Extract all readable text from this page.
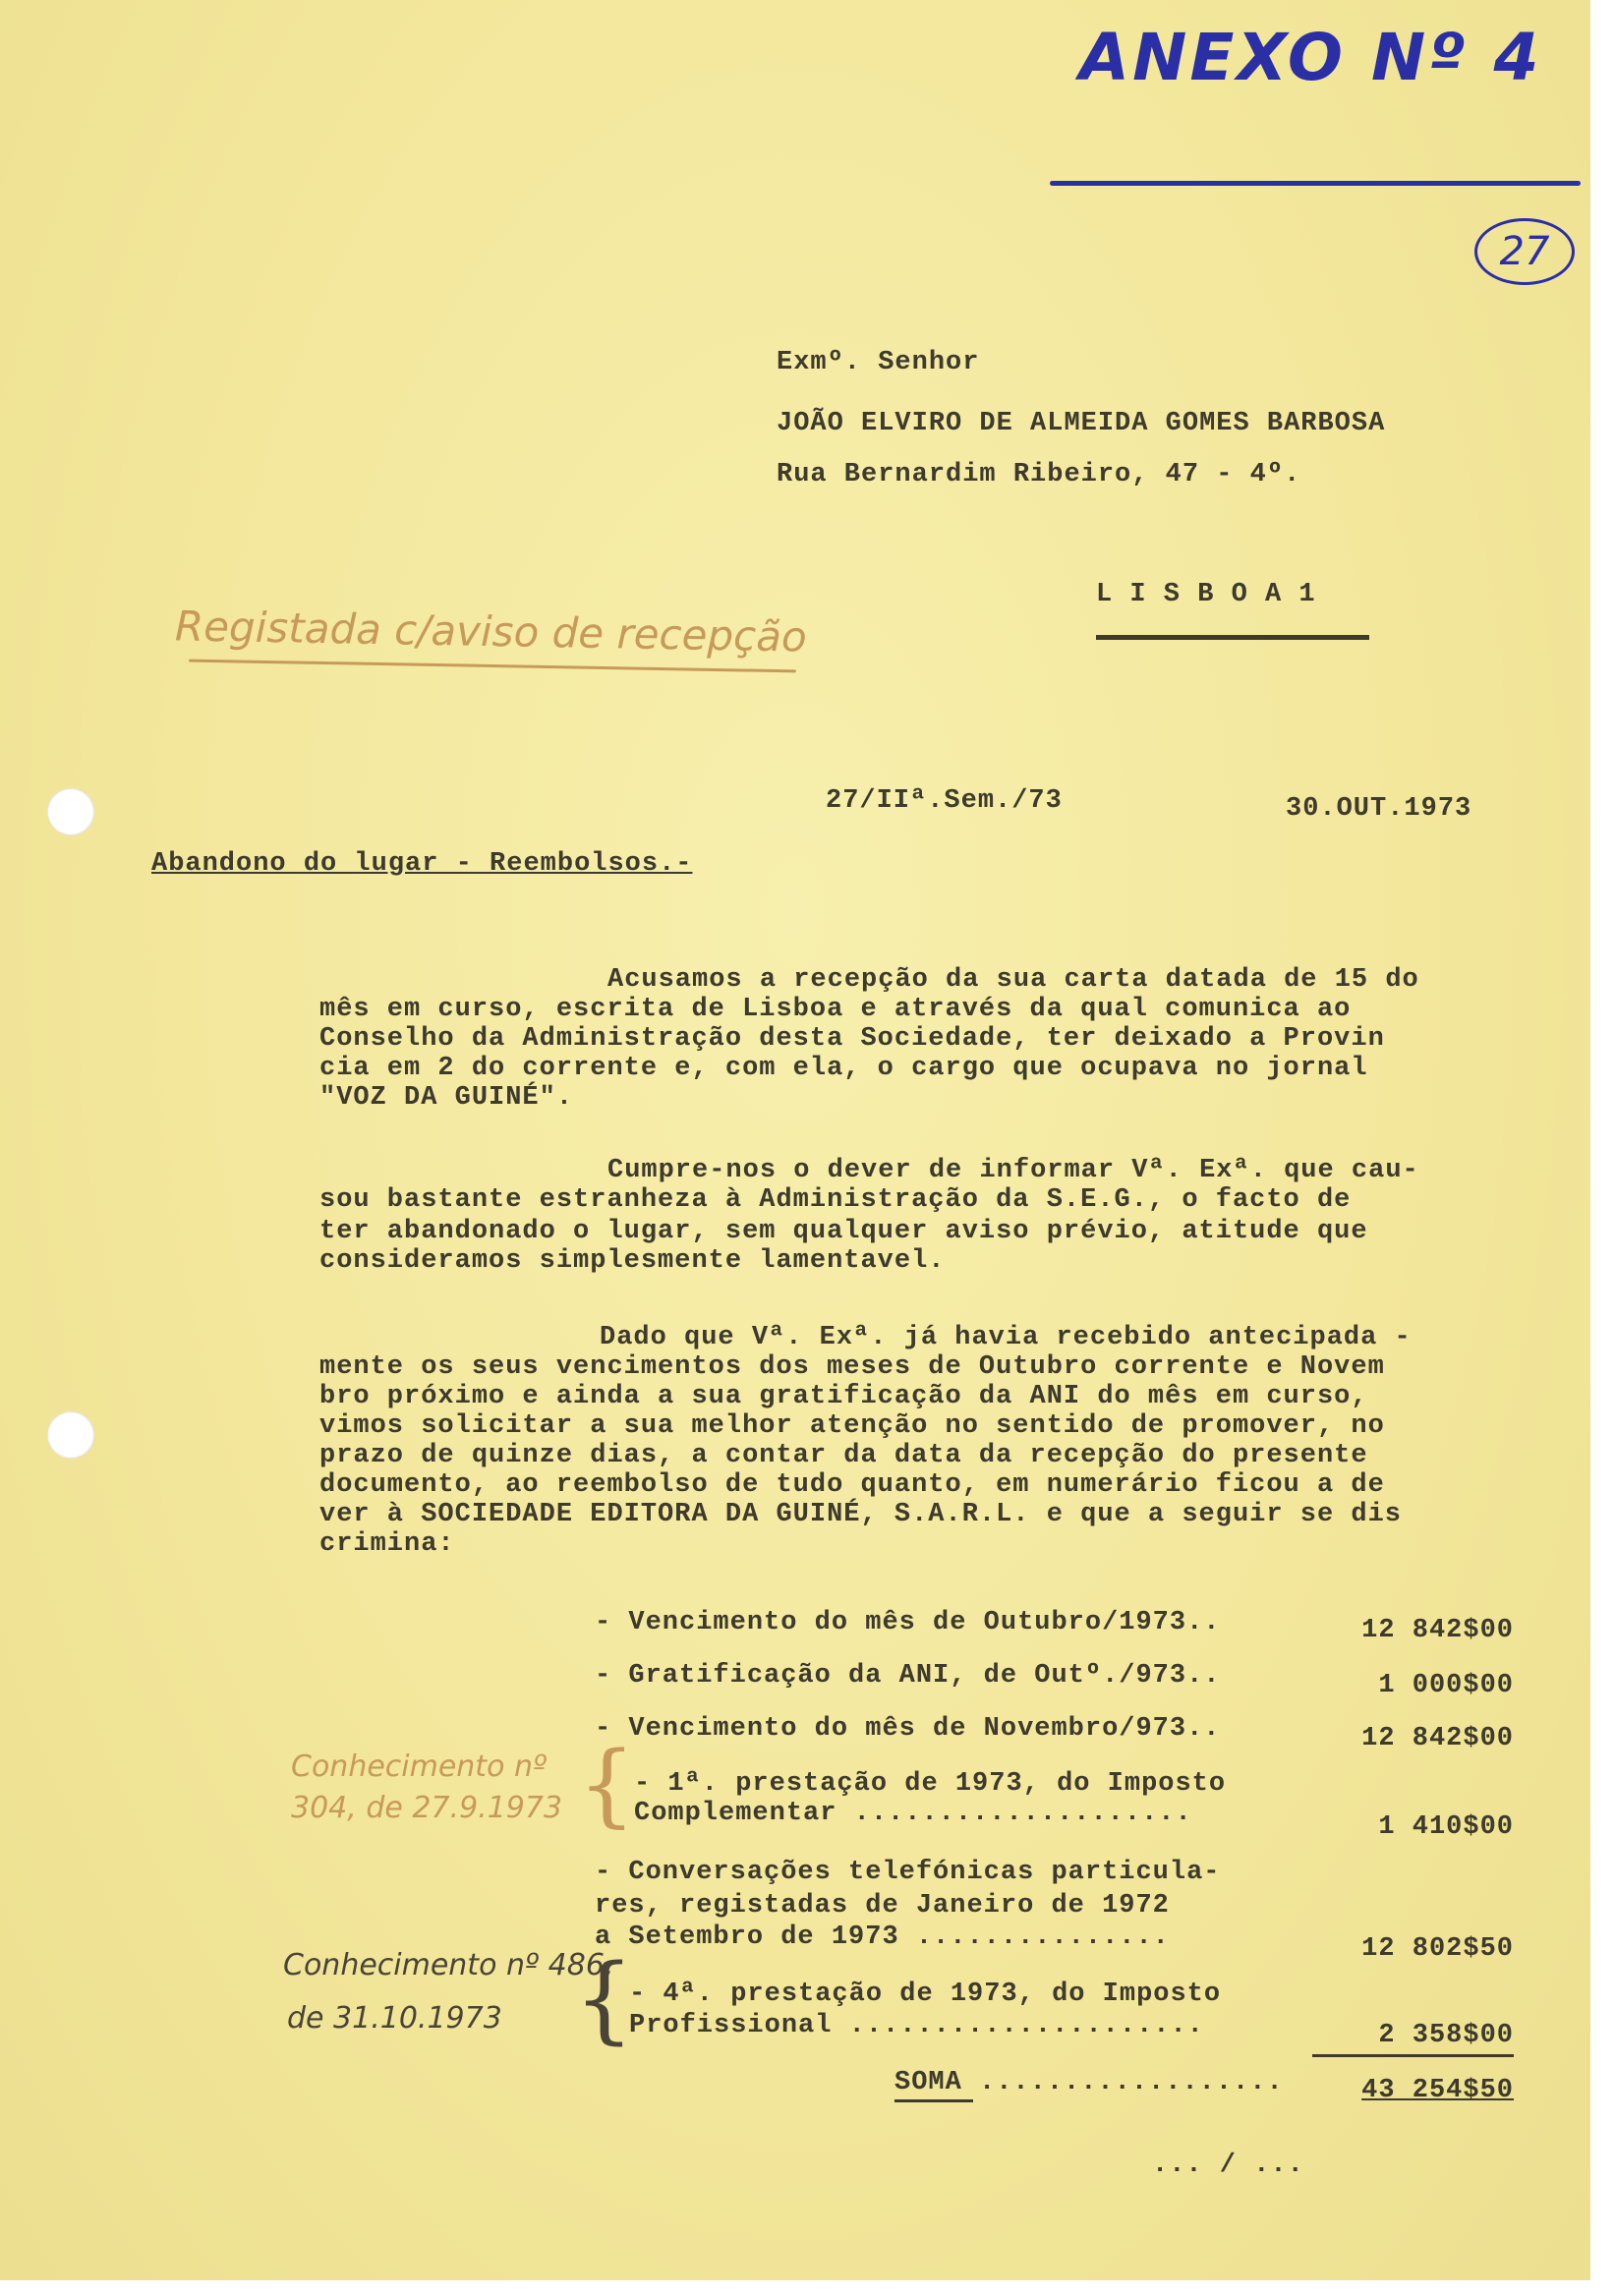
ANEXO Nº 4
27
Exmº. Senhor
JOÃO ELVIRO DE ALMEIDA GOMES BARBOSA
Rua Bernardim Ribeiro, 47 - 4º.
L I S B O A 1
Registada c/aviso de recepção
27/IIª.Sem./73	30.OUT.1973
Abandono do lugar - Reembolsos.-
Acusamos a recepção da sua carta datada de 15 do
mês em curso, escrita de Lisboa e através da qual comunica ao
Conselho da Administração desta Sociedade, ter deixado a Provin
cia em 2 do corrente e, com ela, o cargo que ocupava no jornal
"VOZ DA GUINÉ".
Cumpre-nos o dever de informar Vª. Exª. que cau-
sou bastante estranheza à Administração da S.E.G., o facto de
ter abandonado o lugar, sem qualquer aviso prévio, atitude que
consideramos simplesmente lamentavel.
Dado que Vª. Exª. já havia recebido antecipada -
mente os seus vencimentos dos meses de Outubro corrente e Novem
bro próximo e ainda a sua gratificação da ANI do mês em curso,
vimos solicitar a sua melhor atenção no sentido de promover, no
prazo de quinze dias, a contar da data da recepção do presente
documento, ao reembolso de tudo quanto, em numerário ficou a de
ver à SOCIEDADE EDITORA DA GUINÉ, S.A.R.L. e que a seguir se dis
crimina:
- Vencimento do mês de Outubro/1973..	12 842$00
- Gratificação da ANI, de Outº./973..	1 000$00
- Vencimento do mês de Novembro/973..	12 842$00
- 1ª. prestação de 1973, do Imposto
Complementar ....................	1 410$00
- Conversações telefónicas particula-
res, registadas de Janeiro de 1972
a Setembro de 1973 ...............	12 802$50
- 4ª. prestação de 1973, do Imposto
Profissional .....................	2 358$00
SOMA ..................	43 254$50
Conhecimento nº
304, de 27.9.1973 {
Conhecimento nº 486,
de 31.10.1973 {
... / ...
